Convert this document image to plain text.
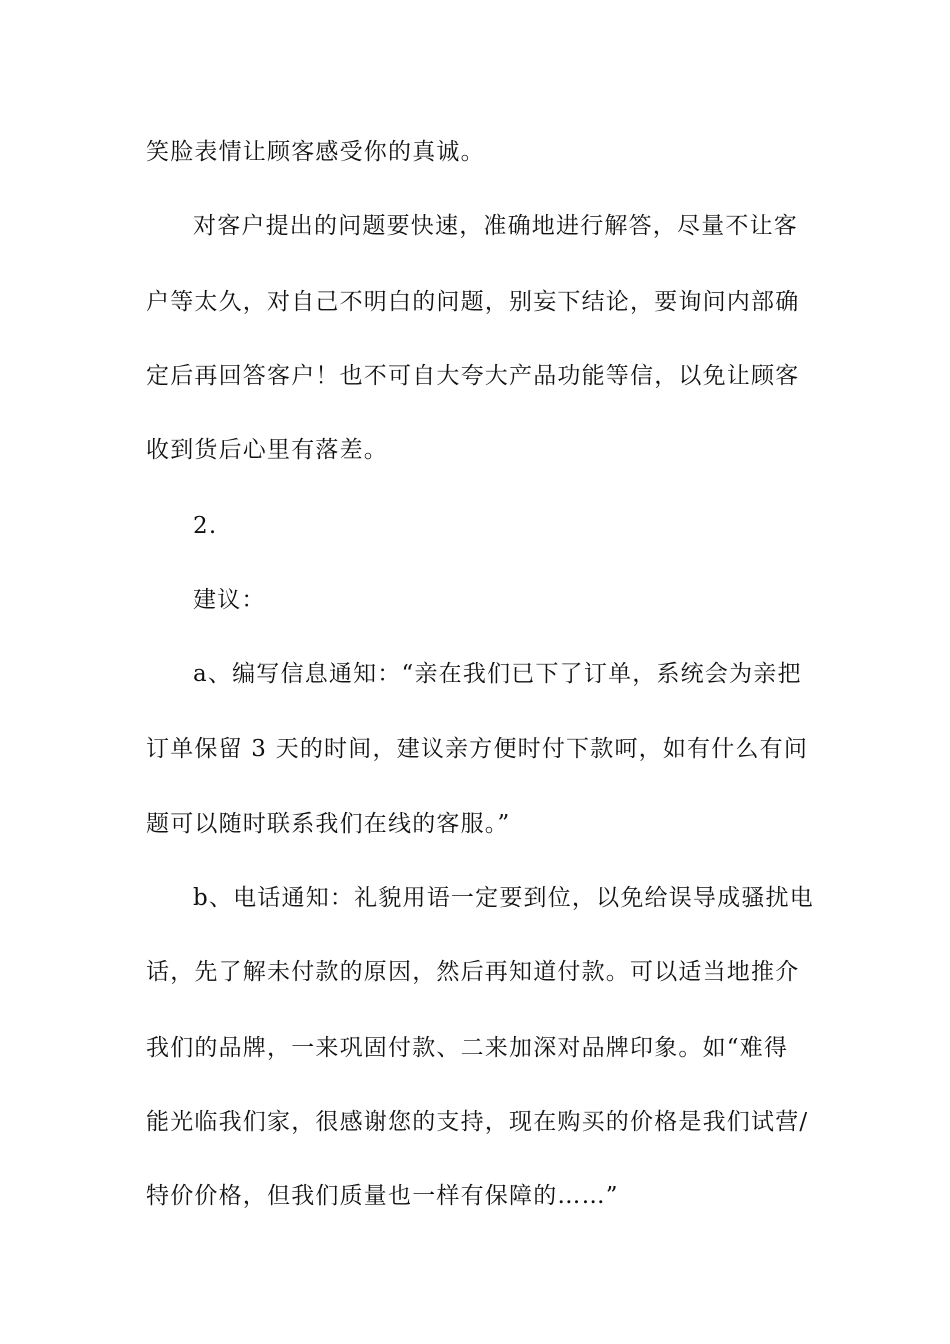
笑脸表情让顾客感受你的真诚。
对客户提出的问题要快速，准确地进行解答，尽量不让客
户等太久，对自己不明白的问题，别妄下结论，要询问内部确
定后再回答客户！也不可自大夸大产品功能等信，以免让顾客
收到货后心里有落差。
2.
建议：
a、编写信息通知：“亲在我们已下了订单，系统会为亲把
订单保留 3 天的时间，建议亲方便时付下款呵，如有什么有问
题可以随时联系我们在线的客服。”
b、电话通知：礼貌用语一定要到位，以免给误导成骚扰电
话，先了解未付款的原因，然后再知道付款。可以适当地推介
我们的品牌，一来巩固付款、二来加深对品牌印象。如“难得
能光临我们家，很感谢您的支持，现在购买的价格是我们试营/
特价价格，但我们质量也一样有保障的……”
